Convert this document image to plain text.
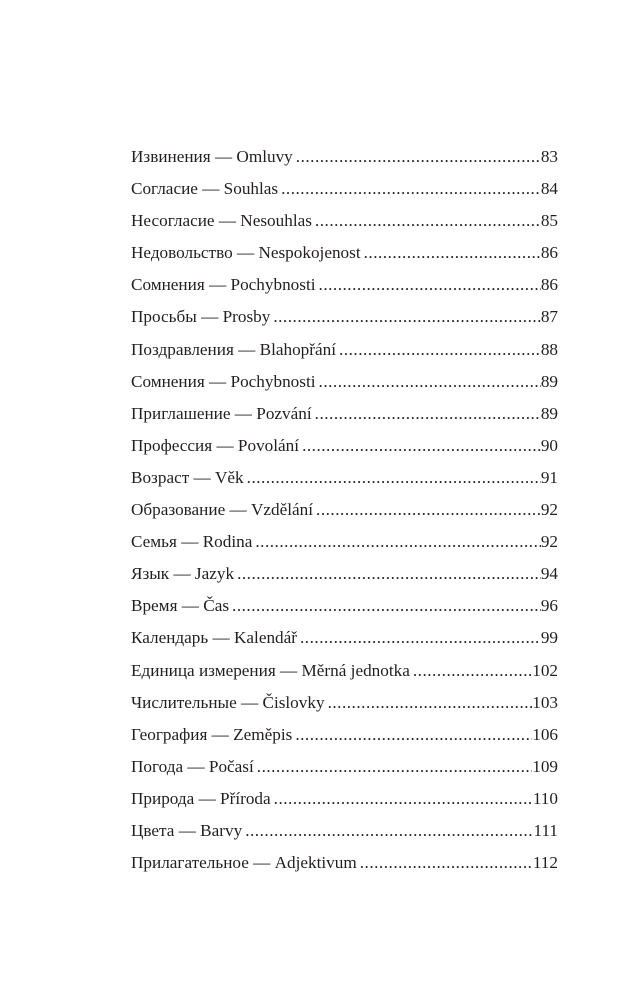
Извинения — Omluvy .....	83
Согласие — Souhlas .....	84
Несогласие — Nesouhlas .....	85
Недовольство — Nespokojenost .....	86
Сомнения — Pochybnosti .....	86
Просьбы — Prosby .....	87
Поздравления — Blahopřání .....	88
Сомнения — Pochybnosti .....	89
Приглашение — Pozvání .....	89
Профессия — Povolání .....	90
Возраст — Věk .....	91
Образование — Vzdělání .....	92
Семья — Rodina .....	92
Язык — Jazyk .....	94
Время — Čas .....	96
Календарь — Kalendář .....	99
Единица измерения — Měrná jednotka .....	102
Числительные — Čislovky .....	103
География — Zeměpis .....	106
Погода — Počasí .....	109
Природа — Příroda .....	110
Цвета — Barvy .....	111
Прилагательное — Adjektivum .....	112
